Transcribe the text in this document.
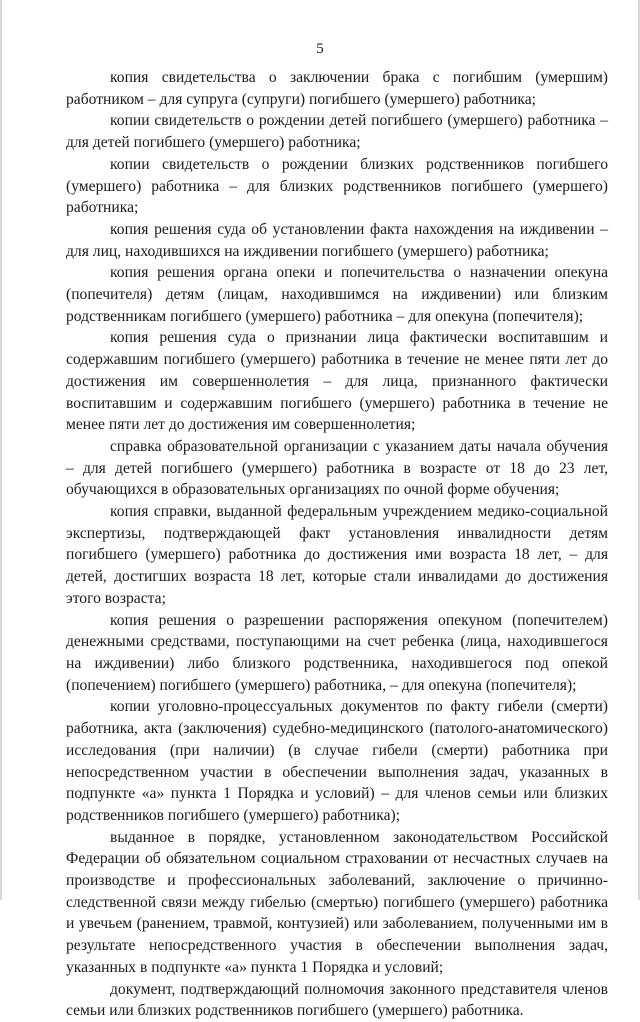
5

копия свидетельства о заключении брака с погибшим (умершим) работником – для супруга (супруги) погибшего (умершего) работника;

копии свидетельств о рождении детей погибшего (умершего) работника – для детей погибшего (умершего) работника;

копии свидетельств о рождении близких родственников погибшего (умершего) работника – для близких родственников погибшего (умершего) работника;

копия решения суда об установлении факта нахождения на иждивении – для лиц, находившихся на иждивении погибшего (умершего) работника;

копия решения органа опеки и попечительства о назначении опекуна (попечителя) детям (лицам, находившимся на иждивении) или близким родственникам погибшего (умершего) работника – для опекуна (попечителя);

копия решения суда о признании лица фактически воспитавшим и содержавшим погибшего (умершего) работника в течение не менее пяти лет до достижения им совершеннолетия – для лица, признанного фактически воспитавшим и содержавшим погибшего (умершего) работника в течение не менее пяти лет до достижения им совершеннолетия;

справка образовательной организации с указанием даты начала обучения – для детей погибшего (умершего) работника в возрасте от 18 до 23 лет, обучающихся в образовательных организациях по очной форме обучения;

копия справки, выданной федеральным учреждением медико-социальной экспертизы, подтверждающей факт установления инвалидности детям погибшего (умершего) работника до достижения ими возраста 18 лет, – для детей, достигших возраста 18 лет, которые стали инвалидами до достижения этого возраста;

копия решения о разрешении распоряжения опекуном (попечителем) денежными средствами, поступающими на счет ребенка (лица, находившегося на иждивении) либо близкого родственника, находившегося под опекой (попечением) погибшего (умершего) работника, – для опекуна (попечителя);

копии уголовно-процессуальных документов по факту гибели (смерти) работника, акта (заключения) судебно-медицинского (патолого-анатомического) исследования (при наличии) (в случае гибели (смерти) работника при непосредственном участии в обеспечении выполнения задач, указанных в подпункте «а» пункта 1 Порядка и условий) – для членов семьи или близких родственников погибшего (умершего) работника);

выданное в порядке, установленном законодательством Российской Федерации об обязательном социальном страховании от несчастных случаев на производстве и профессиональных заболеваний, заключение о причинно-следственной связи между гибелью (смертью) погибшего (умершего) работника и увечьем (ранением, травмой, контузией) или заболеванием, полученными им в результате непосредственного участия в обеспечении выполнения задач, указанных в подпункте «а» пункта 1 Порядка и условий;

документ, подтверждающий полномочия законного представителя членов семьи или близких родственников погибшего (умершего) работника.
